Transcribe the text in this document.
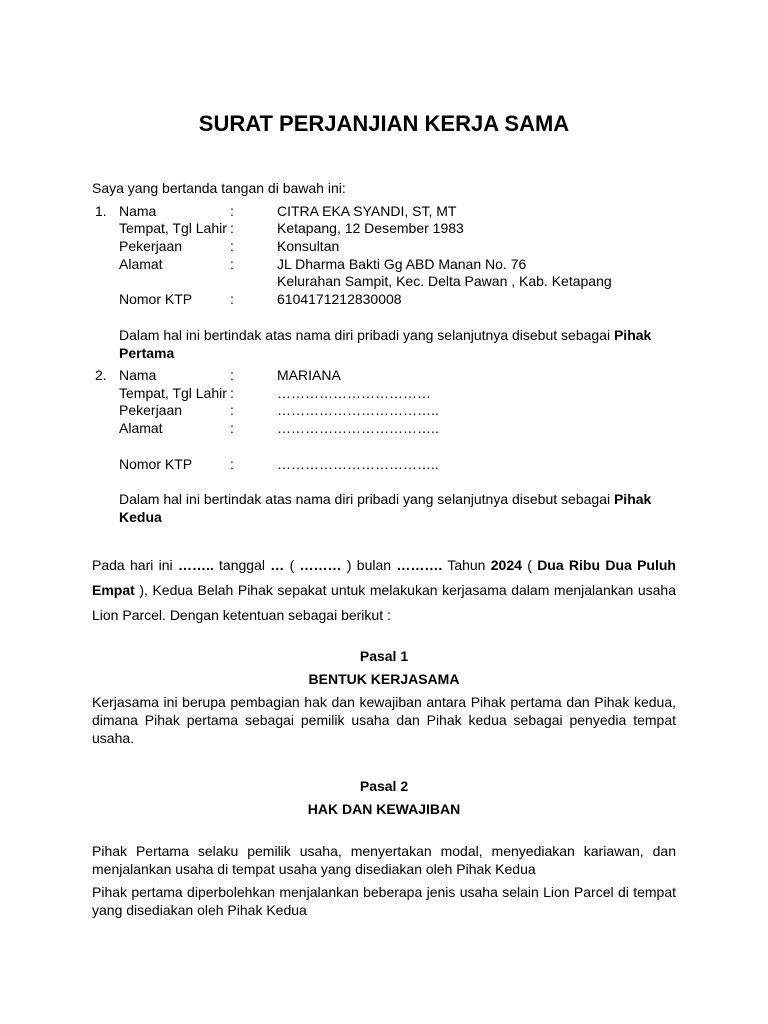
SURAT PERJANJIAN KERJA SAMA
Saya yang bertanda tangan di bawah ini:
1. Nama	:	CITRA EKA SYANDI, ST, MT
Tempat, Tgl Lahir :	Ketapang, 12 Desember 1983
Pekerjaan	:	Konsultan
Alamat	:	JL Dharma Bakti Gg ABD Manan No. 76
Kelurahan Sampit, Kec. Delta Pawan , Kab. Ketapang
Nomor KTP	:	6104171212830008
Dalam hal ini bertindak atas nama diri pribadi yang selanjutnya disebut sebagai Pihak Pertama
2. Nama	:	MARIANA
Tempat, Tgl Lahir :	……………………………
Pekerjaan	:	……………………………..
Alamat	:	……………………………..
Nomor KTP	:	……………………………..
Dalam hal ini bertindak atas nama diri pribadi yang selanjutnya disebut sebagai Pihak Kedua
Pada hari ini …….. tanggal … ( ……… ) bulan ………. Tahun 2024 ( Dua Ribu Dua Puluh Empat ), Kedua Belah Pihak sepakat untuk melakukan kerjasama dalam menjalankan usaha Lion Parcel. Dengan ketentuan sebagai berikut :
Pasal 1
BENTUK KERJASAMA
Kerjasama ini berupa pembagian hak dan kewajiban antara Pihak pertama dan Pihak kedua, dimana Pihak pertama sebagai pemilik usaha dan Pihak kedua sebagai penyedia tempat usaha.
Pasal 2
HAK DAN KEWAJIBAN
Pihak Pertama selaku pemilik usaha, menyertakan modal, menyediakan kariawan, dan menjalankan usaha di tempat usaha yang disediakan oleh Pihak Kedua
Pihak pertama diperbolehkan menjalankan beberapa jenis usaha selain Lion Parcel di tempat yang disediakan oleh Pihak Kedua
